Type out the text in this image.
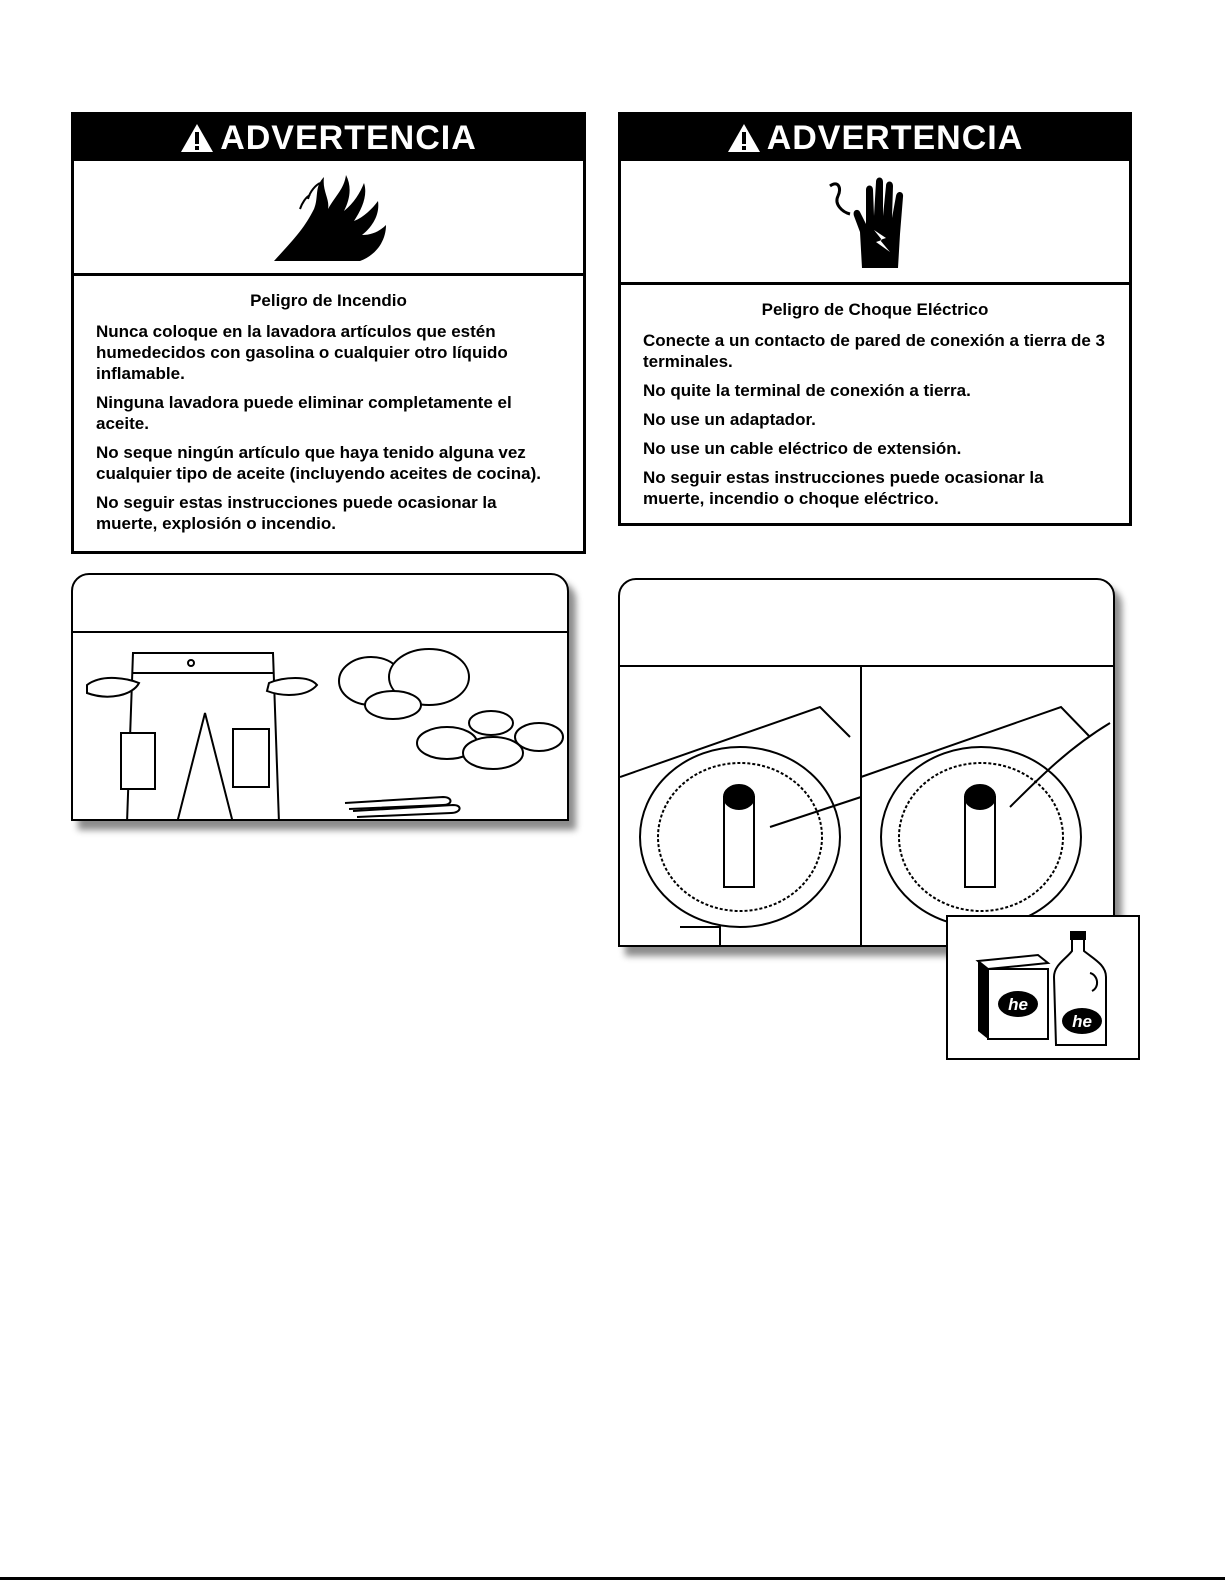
ADVERTENCIA

Peligro de Incendio

Nunca coloque en la lavadora artículos que estén humedecidos con gasolina o cualquier otro líquido inflamable.

Ninguna lavadora puede eliminar completamente el aceite.

No seque ningún artículo que haya tenido alguna vez cualquier tipo de aceite (incluyendo aceites de cocina).

No seguir estas instrucciones puede ocasionar la muerte, explosión o incendio.

ADVERTENCIA

Peligro de Choque Eléctrico

Conecte a un contacto de pared de conexión a tierra de 3 terminales.

No quite la terminal de conexión a tierra.

No use un adaptador.

No use un cable eléctrico de extensión.

No seguir estas instrucciones puede ocasionar la muerte, incendio o choque eléctrico.

he
he
